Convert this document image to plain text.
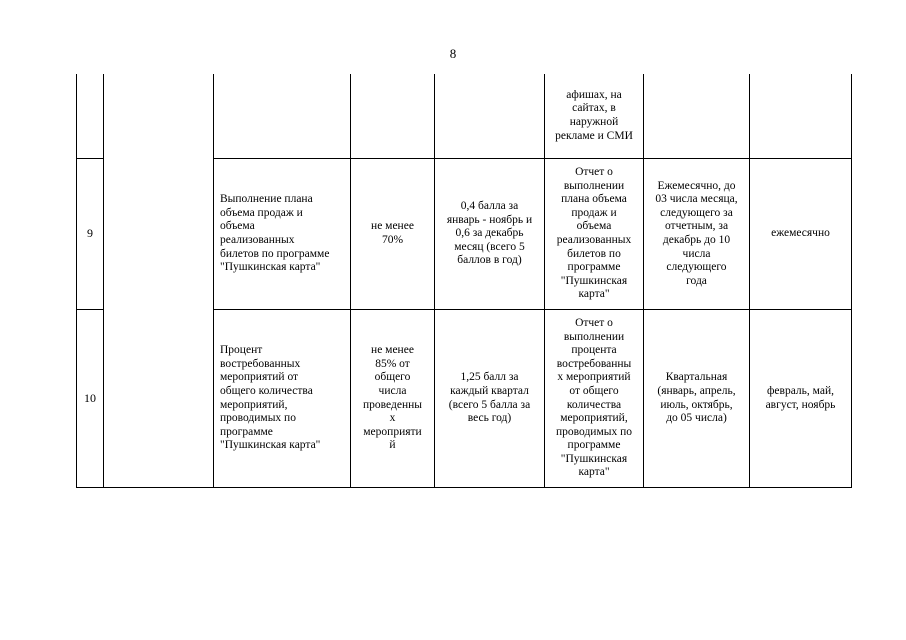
8
афишах, на
сайтах, в
наружной
рекламе и СМИ
9
Выполнение плана
объема продаж и
объема
реализованных
билетов по программе
"Пушкинская карта"
не менее
70%
0,4 балла за
январь - ноябрь и
0,6 за декабрь
месяц (всего 5
баллов в год)
Отчет о
выполнении
плана объема
продаж и
объема
реализованных
билетов по
программе
"Пушкинская
карта"
Ежемесячно, до
03 числа месяца,
следующего за
отчетным, за
декабрь до 10
числа
следующего
года
ежемесячно
10
Процент
востребованных
мероприятий от
общего количества
мероприятий,
проводимых по
программе
"Пушкинская карта"
не менее
85% от
общего
числа
проведенны
х
мероприяти
й
1,25 балл за
каждый квартал
(всего 5 балла за
весь год)
Отчет о
выполнении
процента
востребованны
х мероприятий
от общего
количества
мероприятий,
проводимых по
программе
"Пушкинская
карта"
Квартальная
(январь, апрель,
июль, октябрь,
до 05 числа)
февраль, май,
август, ноябрь
